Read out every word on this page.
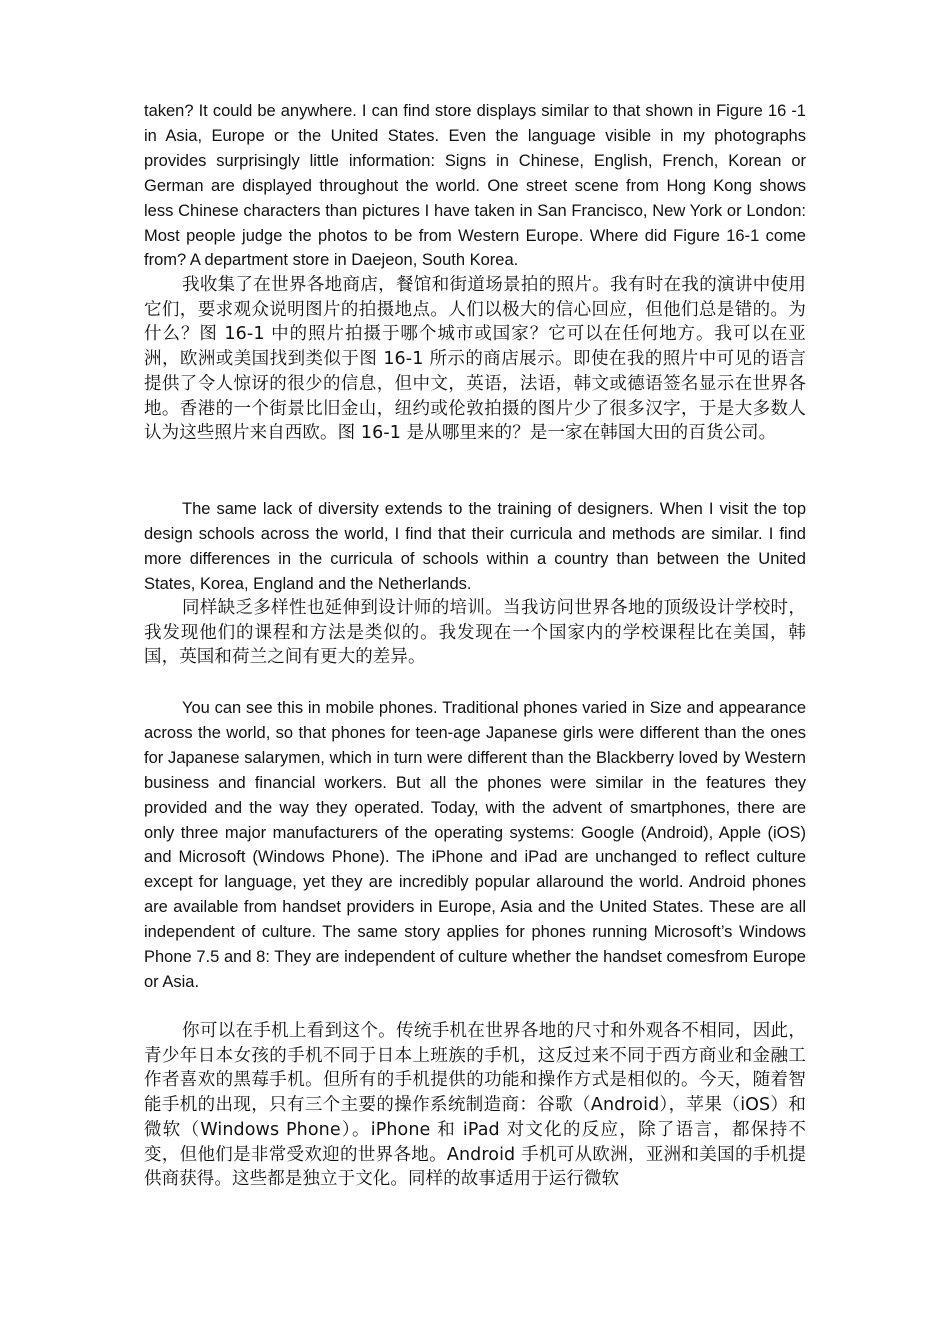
taken? It could be anywhere. I can find store displays similar to that shown in Figure 16 -1 in Asia, Europe or the United States. Even the language visible in my photographs provides surprisingly little information: Signs in Chinese, English, French, Korean or German are displayed throughout the world. One street scene from Hong Kong shows less Chinese characters than pictures I have taken in San Francisco, New York or London: Most people judge the photos to be from Western Europe. Where did Figure 16-1 come from? A department store in Daejeon, South Korea.

我收集了在世界各地商店，餐馆和街道场景拍的照片。我有时在我的演讲中使用它们，要求观众说明图片的拍摄地点。人们以极大的信心回应，但他们总是错的。为什么？图 16-1 中的照片拍摄于哪个城市或国家？它可以在任何地方。我可以在亚洲，欧洲或美国找到类似于图 16-1 所示的商店展示。即使在我的照片中可见的语言提供了令人惊讶的很少的信息，但中文，英语，法语，韩文或德语签名显示在世界各地。香港的一个街景比旧金山，纽约或伦敦拍摄的图片少了很多汉字，于是大多数人认为这些照片来自西欧。图 16-1 是从哪里来的？是一家在韩国大田的百货公司。

The same lack of diversity extends to the training of designers. When I visit the top design schools across the world, I find that their curricula and methods are similar. I find more differences in the curricula of schools within a country than between the United States, Korea, England and the Netherlands.

同样缺乏多样性也延伸到设计师的培训。当我访问世界各地的顶级设计学校时，我发现他们的课程和方法是类似的。我发现在一个国家内的学校课程比在美国，韩国，英国和荷兰之间有更大的差异。

You can see this in mobile phones. Traditional phones varied in Size and appearance across the world, so that phones for teen-age Japanese girls were different than the ones for Japanese salarymen, which in turn were different than the Blackberry loved by Western business and financial workers. But all the phones were similar in the features they provided and the way they operated. Today, with the advent of smartphones, there are only three major manufacturers of the operating systems: Google (Android), Apple (iOS) and Microsoft (Windows Phone). The iPhone and iPad are unchanged to reflect culture except for language, yet they are incredibly popular allaround the world. Android phones are available from handset providers in Europe, Asia and the United States. These are all independent of culture. The same story applies for phones running Microsoft’s Windows Phone 7.5 and 8: They are independent of culture whether the handset comesfrom Europe or Asia.

你可以在手机上看到这个。传统手机在世界各地的尺寸和外观各不相同，因此，青少年日本女孩的手机不同于日本上班族的手机，这反过来不同于西方商业和金融工作者喜欢的黑莓手机。但所有的手机提供的功能和操作方式是相似的。今天，随着智能手机的出现，只有三个主要的操作系统制造商：谷歌（Android），苹果（iOS）和微软（Windows Phone）。iPhone 和 iPad 对文化的反应，除了语言，都保持不变，但他们是非常受欢迎的世界各地。Android 手机可从欧洲，亚洲和美国的手机提供商获得。这些都是独立于文化。同样的故事适用于运行微软
